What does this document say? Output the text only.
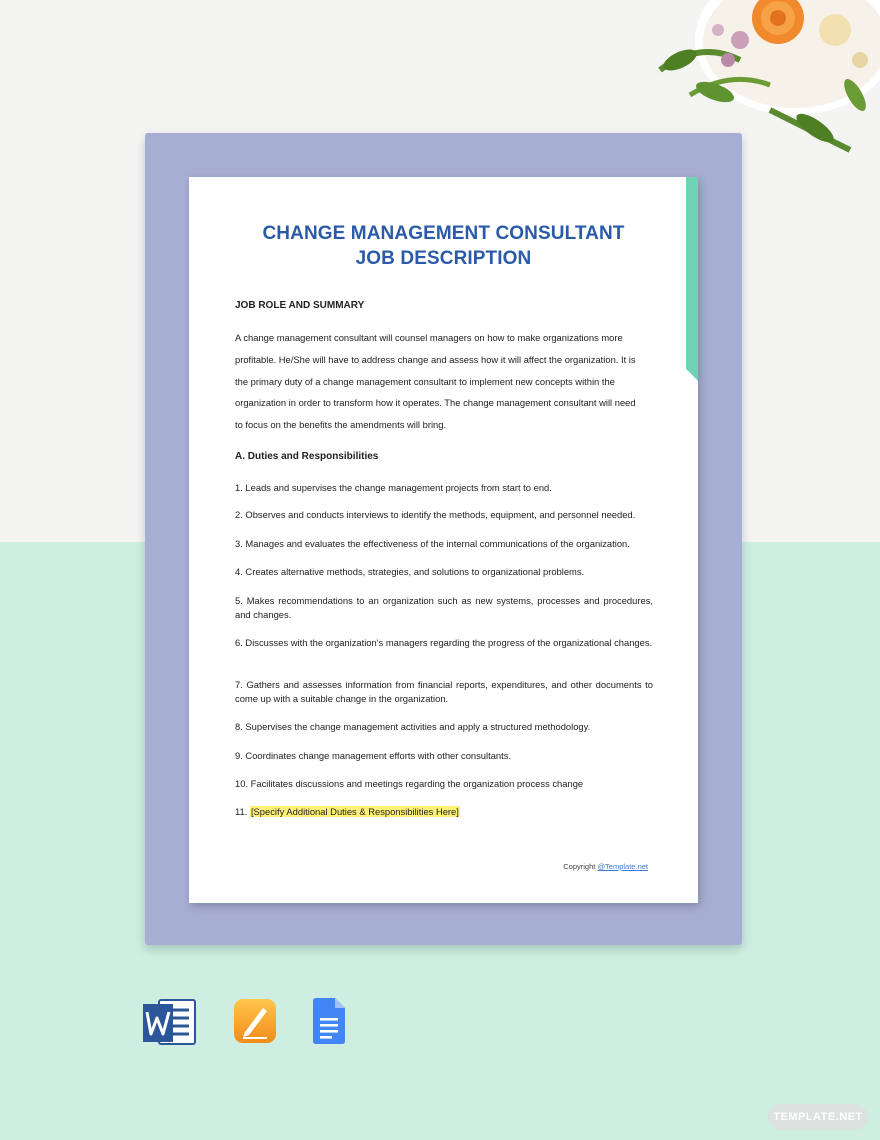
CHANGE MANAGEMENT CONSULTANT
JOB DESCRIPTION
JOB ROLE AND SUMMARY
A change management consultant will counsel managers on how to make organizations more
profitable. He/She will have to address change and assess how it will affect the organization. It is
the primary duty of a change management consultant to implement new concepts within the
organization in order to transform how it operates. The change management consultant will need
to focus on the benefits the amendments will bring.
A. Duties and Responsibilities
1. Leads and supervises the change management projects from start to end.
2. Observes and conducts interviews to identify the methods, equipment, and personnel needed.
3. Manages and evaluates the effectiveness of the internal communications of the organization.
4. Creates alternative methods, strategies, and solutions to organizational problems.
5. Makes recommendations to an organization such as new systems, processes and procedures, and changes.
6. Discusses with the organization's managers regarding the progress of the organizational changes.
7. Gathers and assesses information from financial reports, expenditures, and other documents to come up with a suitable change in the organization.
8. Supervises the change management activities and apply a structured methodology.
9. Coordinates change management efforts with other consultants.
10. Facilitates discussions and meetings regarding the organization process change
11. [Specify Additional Duties & Responsibilities Here]
Copyright @Template.net
TEMPLATE.NET
